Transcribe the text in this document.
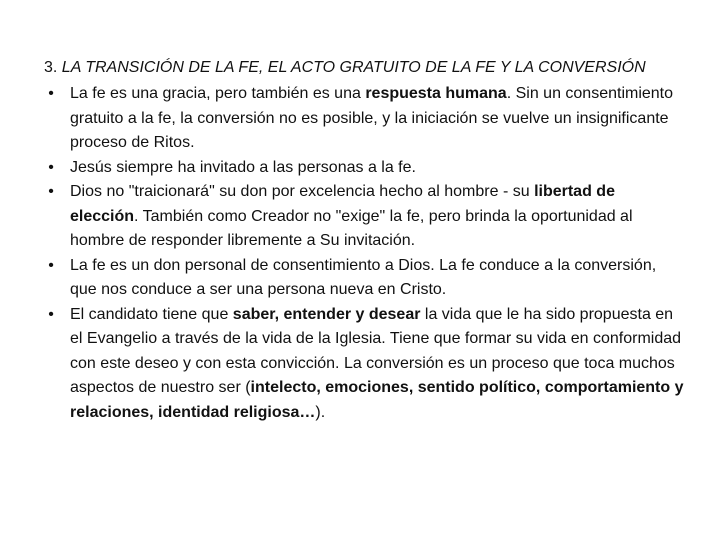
3. LA TRANSICIÓN DE LA FE, EL ACTO GRATUITO DE LA FE Y LA CONVERSIÓN
• La fe es una gracia, pero también es una respuesta humana. Sin un consentimiento gratuito a la fe, la conversión no es posible, y la iniciación se vuelve un insignificante proceso de Ritos.
• Jesús siempre ha invitado a las personas a la fe.
• Dios no "traicionará" su don por excelencia hecho al hombre - su libertad de elección. También como Creador no "exige" la fe, pero brinda la oportunidad al hombre de responder libremente a Su invitación.
• La fe es un don personal de consentimiento a Dios. La fe conduce a la conversión, que nos conduce a ser una persona nueva en Cristo.
• El candidato tiene que saber, entender y desear la vida que le ha sido propuesta en el Evangelio a través de la vida de la Iglesia. Tiene que formar su vida en conformidad con este deseo y con esta convicción. La conversión es un proceso que toca muchos aspectos de nuestro ser (intelecto, emociones, sentido político, comportamiento y relaciones, identidad religiosa…).
